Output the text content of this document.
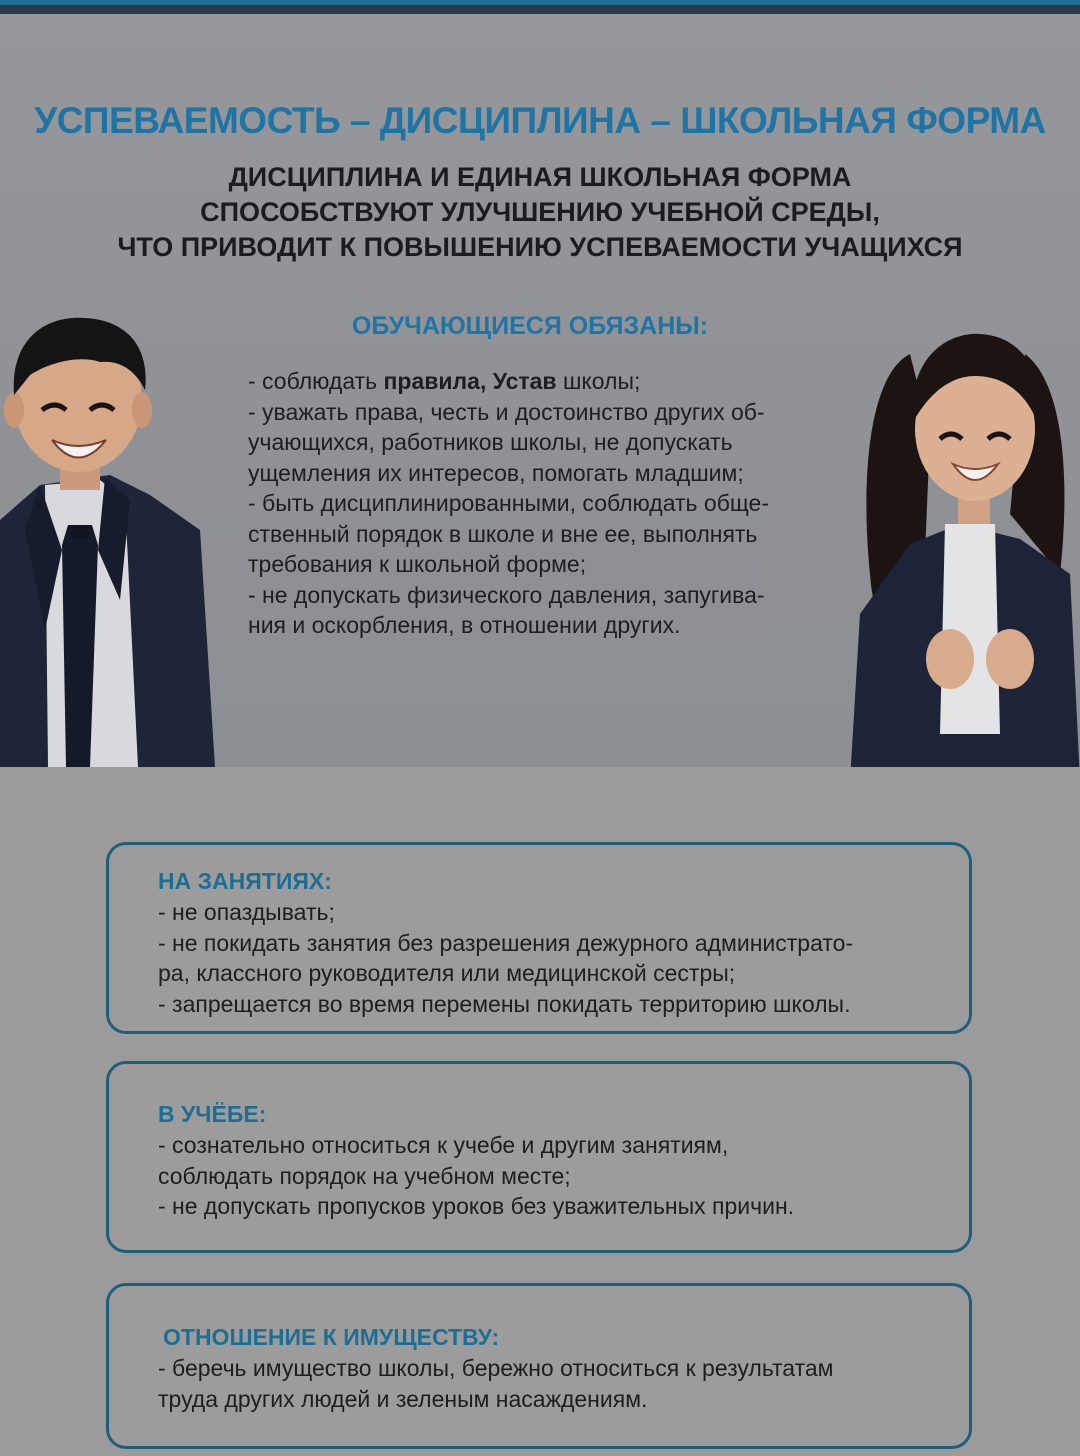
УСПЕВАЕМОСТЬ – ДИСЦИПЛИНА – ШКОЛЬНАЯ ФОРМА
ДИСЦИПЛИНА И ЕДИНАЯ ШКОЛЬНАЯ ФОРМА
СПОСОБСТВУЮТ УЛУЧШЕНИЮ УЧЕБНОЙ СРЕДЫ,
ЧТО ПРИВОДИТ К ПОВЫШЕНИЮ УСПЕВАЕМОСТИ УЧАЩИХСЯ
ОБУЧАЮЩИЕСЯ ОБЯЗАНЫ:
- соблюдать правила, Устав школы;
- уважать права, честь и достоинство других об-
учающихся, работников школы, не допускать
ущемления их интересов, помогать младшим;
- быть дисциплинированными, соблюдать обще-
ственный порядок в школе и вне ее, выполнять
требования к школьной форме;
- не допускать физического давления, запугива-
ния и оскорбления, в отношении других.
НА ЗАНЯТИЯХ:
- не опаздывать;
- не покидать занятия без разрешения дежурного администрато-
ра, классного руководителя или медицинской сестры;
- запрещается во время перемены покидать территорию школы.
В УЧЁБЕ:
- сознательно относиться к учебе и другим занятиям,
соблюдать порядок на учебном месте;
- не допускать пропусков уроков без уважительных причин.
ОТНОШЕНИЕ К ИМУЩЕСТВУ:
- беречь имущество школы, бережно относиться к результатам
труда других людей и зеленым насаждениям.
